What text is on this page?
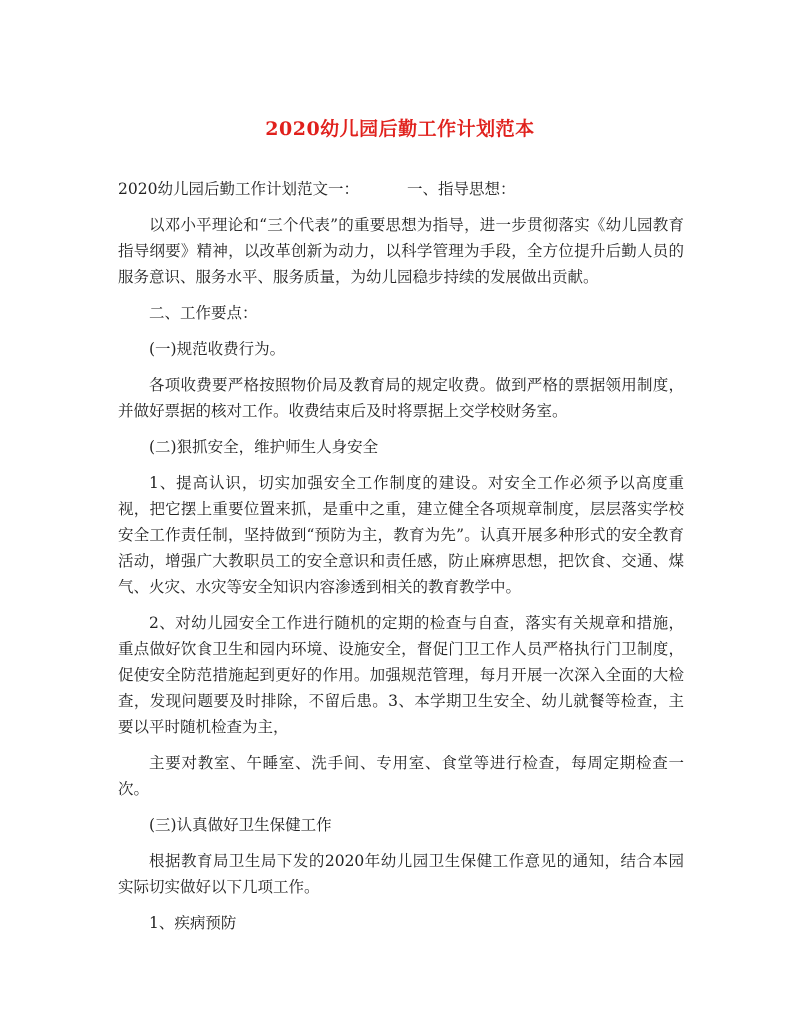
2020幼儿园后勤工作计划范本

2020幼儿园后勤工作计划范文一：	一、指导思想：

以邓小平理论和“三个代表”的重要思想为指导，进一步贯彻落实《幼儿园教育指导纲要》精神，以改革创新为动力，以科学管理为手段，全方位提升后勤人员的服务意识、服务水平、服务质量，为幼儿园稳步持续的发展做出贡献。

二、工作要点：

(一)规范收费行为。

各项收费要严格按照物价局及教育局的规定收费。做到严格的票据领用制度，并做好票据的核对工作。收费结束后及时将票据上交学校财务室。

(二)狠抓安全，维护师生人身安全

1、提高认识，切实加强安全工作制度的建设。对安全工作必须予以高度重视，把它摆上重要位置来抓，是重中之重，建立健全各项规章制度，层层落实学校安全工作责任制，坚持做到“预防为主，教育为先”。认真开展多种形式的安全教育活动，增强广大教职员工的安全意识和责任感，防止麻痹思想，把饮食、交通、煤气、火灾、水灾等安全知识内容渗透到相关的教育教学中。

2、对幼儿园安全工作进行随机的定期的检查与自查，落实有关规章和措施，重点做好饮食卫生和园内环境、设施安全，督促门卫工作人员严格执行门卫制度，促使安全防范措施起到更好的作用。加强规范管理，每月开展一次深入全面的大检查，发现问题要及时排除，不留后患。3、本学期卫生安全、幼儿就餐等检查，主要以平时随机检查为主，

主要对教室、午睡室、洗手间、专用室、食堂等进行检查，每周定期检查一次。

(三)认真做好卫生保健工作

根据教育局卫生局下发的2020年幼儿园卫生保健工作意见的通知，结合本园实际切实做好以下几项工作。

1、疾病预防
